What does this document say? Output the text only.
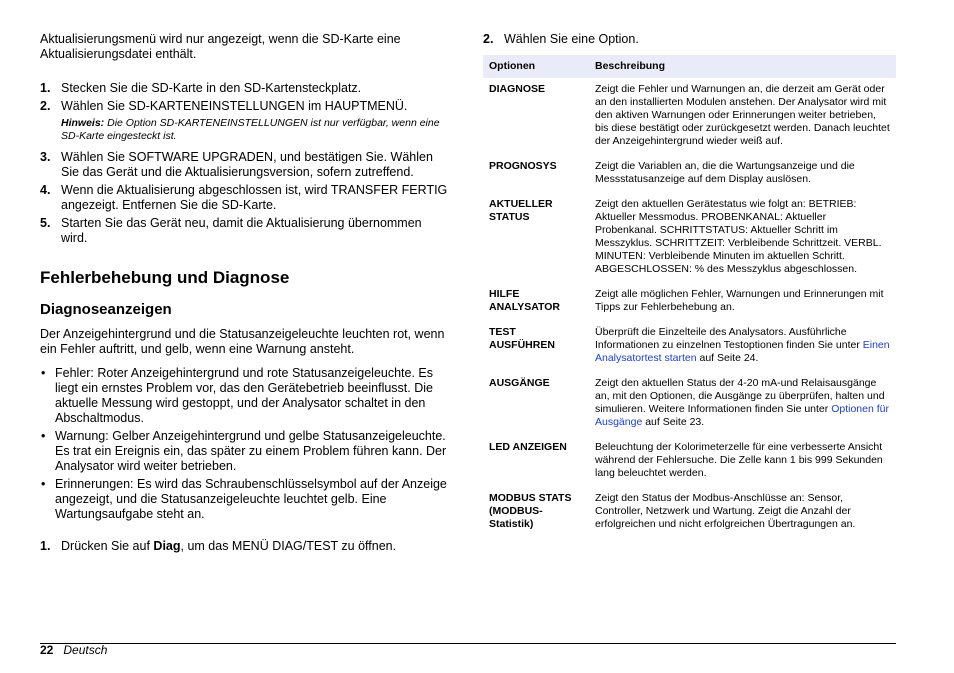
Aktualisierungsmenü wird nur angezeigt, wenn die SD-Karte eine Aktualisierungsdatei enthält.

1. Stecken Sie die SD-Karte in den SD-Kartensteckplatz.
2. Wählen Sie SD-KARTENEINSTELLUNGEN im HAUPTMENÜ.
Hinweis: Die Option SD-KARTENEINSTELLUNGEN ist nur verfügbar, wenn eine SD-Karte eingesteckt ist.
3. Wählen Sie SOFTWARE UPGRADEN, und bestätigen Sie. Wählen Sie das Gerät und die Aktualisierungsversion, sofern zutreffend.
4. Wenn die Aktualisierung abgeschlossen ist, wird TRANSFER FERTIG angezeigt. Entfernen Sie die SD-Karte.
5. Starten Sie das Gerät neu, damit die Aktualisierung übernommen wird.
Fehlerbehebung und Diagnose
Diagnoseanzeigen

Der Anzeigehintergrund und die Statusanzeigeleuchte leuchten rot, wenn ein Fehler auftritt, und gelb, wenn eine Warnung ansteht.

• Fehler: Roter Anzeigehintergrund und rote Statusanzeigeleuchte. Es liegt ein ernstes Problem vor, das den Gerätebetrieb beeinflusst. Die aktuelle Messung wird gestoppt, und der Analysator schaltet in den Abschaltmodus.
• Warnung: Gelber Anzeigehintergrund und gelbe Statusanzeigeleuchte. Es trat ein Ereignis ein, das später zu einem Problem führen kann. Der Analysator wird weiter betrieben.
• Erinnerungen: Es wird das Schraubenschlüsselsymbol auf der Anzeige angezeigt, und die Statusanzeigeleuchte leuchtet gelb. Eine Wartungsaufgabe steht an.
1. Drücken Sie auf Diag, um das MENÜ DIAG/TEST zu öffnen.
2. Wählen Sie eine Option.
Optionen	Beschreibung
DIAGNOSE	Zeigt die Fehler und Warnungen an, die derzeit am Gerät oder an den installierten Modulen anstehen. Der Analysator wird mit den aktiven Warnungen oder Erinnerungen weiter betrieben, bis diese bestätigt oder zurückgesetzt werden. Danach leuchtet der Anzeigehintergrund wieder weiß auf.
PROGNOSYS	Zeigt die Variablen an, die die Wartungsanzeige und die Messstatusanzeige auf dem Display auslösen.
AKTUELLER STATUS	Zeigt den aktuellen Gerätestatus wie folgt an: BETRIEB: Aktueller Messmodus. PROBENKANAL: Aktueller Probenkanal. SCHRITTSTATUS: Aktueller Schritt im Messzyklus. SCHRITTZEIT: Verbleibende Schrittzeit. VERBL. MINUTEN: Verbleibende Minuten im aktuellen Schritt. ABGESCHLOSSEN: % des Messzyklus abgeschlossen.
HILFE ANALYSATOR	Zeigt alle möglichen Fehler, Warnungen und Erinnerungen mit Tipps zur Fehlerbehebung an.
TEST AUSFÜHREN	Überprüft die Einzelteile des Analysators. Ausführliche Informationen zu einzelnen Testoptionen finden Sie unter Einen Analysatortest starten auf Seite 24.
AUSGÄNGE	Zeigt den aktuellen Status der 4-20 mA-und Relaisausgänge an, mit den Optionen, die Ausgänge zu überprüfen, halten und simulieren. Weitere Informationen finden Sie unter Optionen für Ausgänge auf Seite 23.
LED ANZEIGEN	Beleuchtung der Kolorimeterzelle für eine verbesserte Ansicht während der Fehlersuche. Die Zelle kann 1 bis 999 Sekunden lang beleuchtet werden.
MODBUS STATS (MODBUS-Statistik)	Zeigt den Status der Modbus-Anschlüsse an: Sensor, Controller, Netzwerk und Wartung. Zeigt die Anzahl der erfolgreichen und nicht erfolgreichen Übertragungen an.
22 Deutsch
